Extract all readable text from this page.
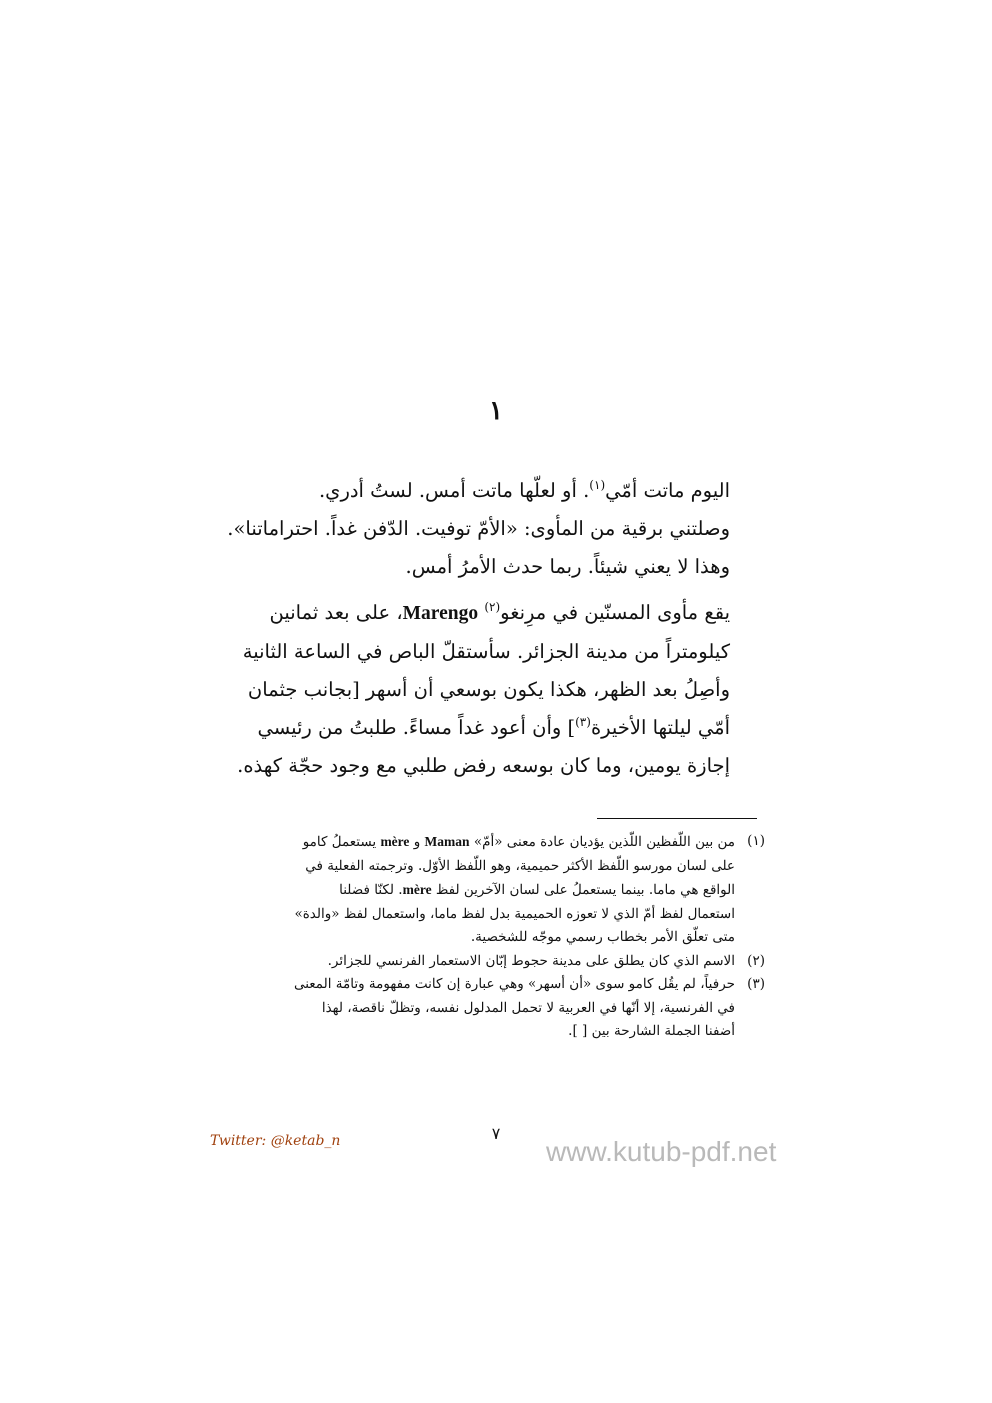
١

اليوم ماتت أمّي$^{(١)}$. أو لعلّها ماتت أمس. لستُ أدري.
وصلتني برقية من المأوى: «الأمّ توفيت. الدّفن غداً. احتراماتنا».
وهذا لا يعني شيئاً. ربما حدث الأمرُ أمس.

يقع مأوى المسنّين في مرِنغو$^{(٢)}$ Marengo، على بعد ثمانين
كيلومتراً من مدينة الجزائر. سأستقلّ الباص في الساعة الثانية
وأصِلُ بعد الظهر، هكذا يكون بوسعي أن أسهر [بجانب جثمان
أمّي ليلتها الأخيرة$^{(٣)}$] وأن أعود غداً مساءً. طلبتُ من رئيسي
إجازة يومين، وما كان بوسعه رفض طلبي مع وجود حجّة كهذه.

(١)
من بين اللّفظين اللّذين يؤديان عادة معنى «أمّ» Maman و mère يستعملُ كامو
على لسان مورسو اللّفظ الأكثر حميمية، وهو اللّفظ الأوّل. وترجمته الفعلية في
الواقع هي ماما. بينما يستعملُ على لسان الآخرين لفظ mère. لكنّا فضلنا
استعمال لفظ أمّ الذي لا تعوزه الحميمية بدل لفظ ماما، واستعمال لفظ «والدة»
متى تعلّق الأمر بخطاب رسمي موجّه للشخصية.
(٢)
الاسم الذي كان يطلق على مدينة حجوط إبّان الاستعمار الفرنسي للجزائر.
(٣)
حرفياً، لم يقُل كامو سوى «أن أسهر» وهي عبارة إن كانت مفهومة وتامّة المعنى
في الفرنسية، إلا أنّها في العربية لا تحمل المدلول نفسه، وتظلّ ناقصة، لهذا
أضفنا الجملة الشارحة بين [ ].
Twitter: @ketab_n	٧
www.kutub-pdf.net
